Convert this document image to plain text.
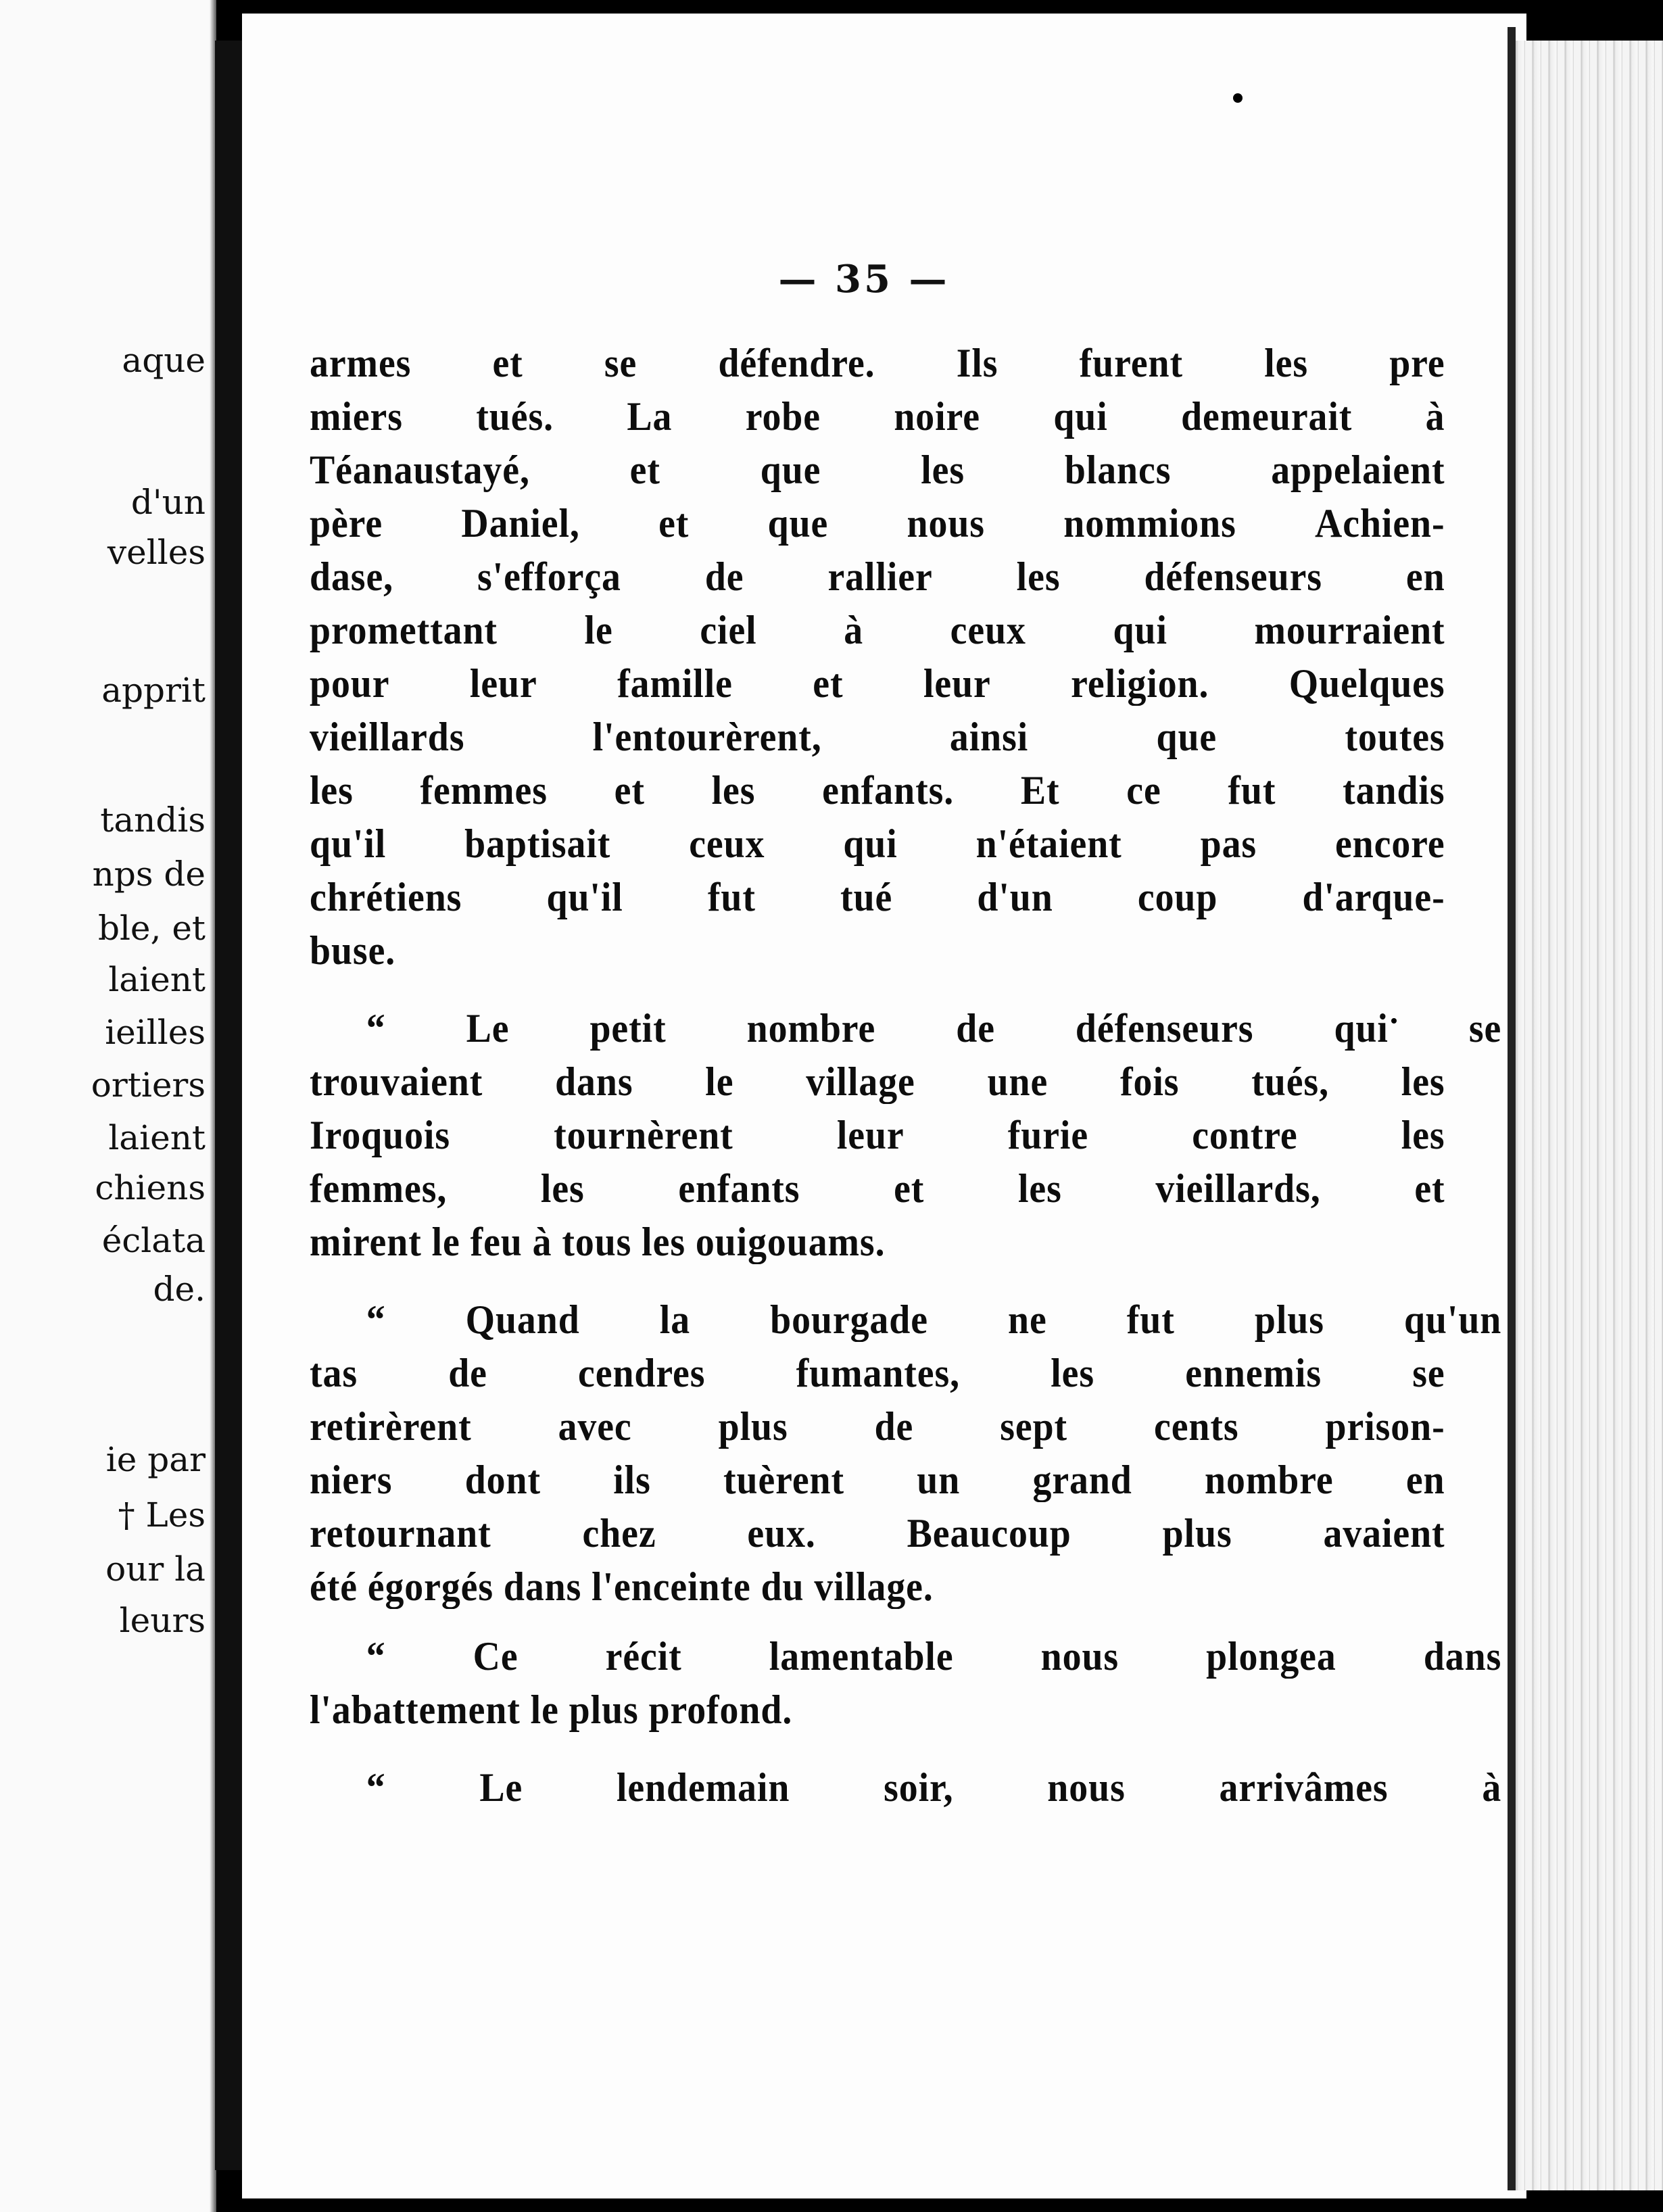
aque
d'un
velles
apprit
tandis
nps de
ble, et
laient
ieilles
ortiers
laient
chiens
éclata
de.
ie par
† Les
our la
leurs
— 35 —
armes et se défendre. Ils furent les pre
miers tués. La robe noire qui demeurait à
Téanaustayé, et que les blancs appelaient
père Daniel, et que nous nommions Achien-
dase, s'efforça de rallier les défenseurs en
promettant le ciel à ceux qui mourraient
pour leur famille et leur religion. Quelques
vieillards	l'entourèrent,	ainsi	que	toutes
les femmes et les enfants. Et ce fut tandis
qu'il baptisait ceux qui n'étaient pas encore
chrétiens qu'il fut tué d'un coup d'arque-
buse.
“ Le petit nombre de défenseurs qui se
trouvaient dans le village une fois tués, les
Iroquois	tournèrent	leur	furie	contre	les
femmes, les enfants et les vieillards, et
mirent le feu à tous les ouigouams.
“ Quand la bourgade ne fut plus qu'un
tas de cendres fumantes, les ennemis se
retirèrent avec plus de sept cents prison-
niers dont ils tuèrent un grand nombre en
retournant chez eux. Beaucoup plus avaient
été égorgés dans l'enceinte du village.
“ Ce récit lamentable nous plongea dans
l'abattement le plus profond.
“ Le lendemain soir, nous arrivâmes à
